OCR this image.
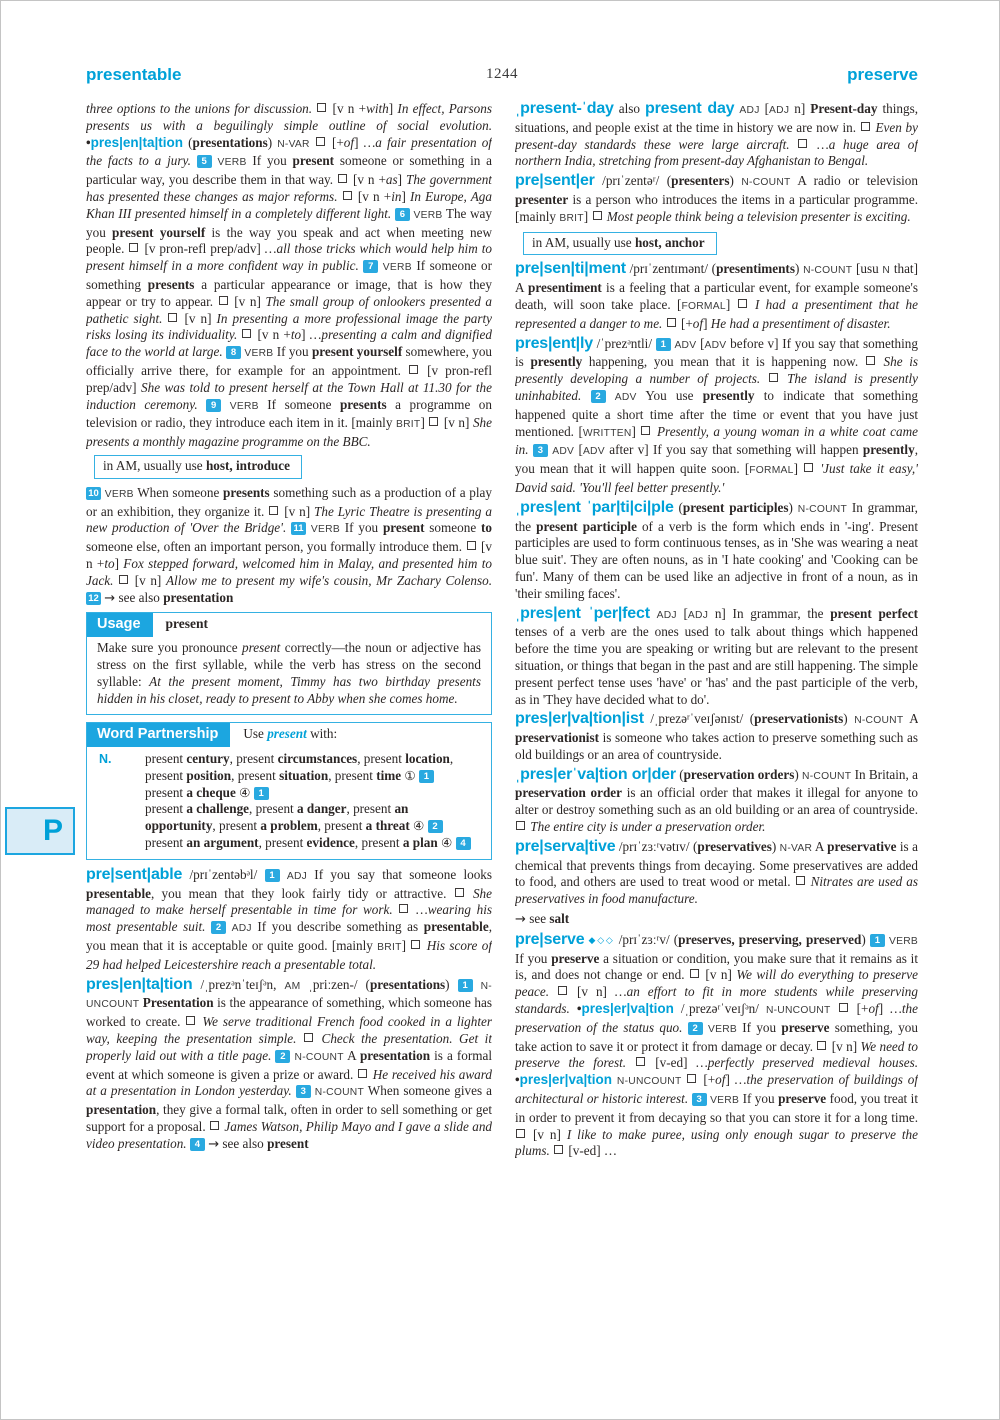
presentable	1244	preserve
P

three options to the unions for discussion.  [v n +with] In effect, Parsons presents us with a beguilingly simple outline of social evolution. •pres|en|ta|tion (presentations) N-VAR  [+of] …a fair presentation of the facts to a jury. 5 VERB If you present someone or something in a particular way, you describe them in that way.  [v n +as] The government has presented these changes as major reforms.  [v n +in] In Europe, Aga Khan III presented himself in a completely different light. 6 VERB The way you present yourself is the way you speak and act when meeting new people.  [v pron-refl prep/adv] …all those tricks which would help him to present himself in a more confident way in public. 7 VERB If someone or something presents a particular appearance or image, that is how they appear or try to appear.  [v n] The small group of onlookers presented a pathetic sight.  [v n] In presenting a more professional image the party risks losing its individuality.  [v n +to] …presenting a calm and dignified face to the world at large. 8 VERB If you present yourself somewhere, you officially arrive there, for example for an appointment.  [v pron-refl prep/adv] She was told to present herself at the Town Hall at 11.30 for the induction ceremony. 9 VERB If someone presents a programme on television or radio, they introduce each item in it. [mainly BRIT]  [v n] She presents a monthly magazine programme on the BBC.

in AM, usually use host, introduce

10 VERB When someone presents something such as a production of a play or an exhibition, they organize it.  [v n] The Lyric Theatre is presenting a new production of 'Over the Bridge'. 11 VERB If you present someone to someone else, often an important person, you formally introduce them.  [v n +to] Fox stepped forward, welcomed him in Malay, and presented him to Jack.  [v n] Allow me to present my wife's cousin, Mr Zachary Colenso. 12 → see also presentation

Usage	present
Make sure you pronounce present correctly—the noun or adjective has stress on the first syllable, while the verb has stress on the second syllable: At the present moment, Timmy has two birthday presents hidden in his closet, ready to present to Abby when she comes home.
Word Partnership	Use present with:
N.	present century, present circumstances, present location, present position, present situation, present time ① 1
present a cheque ④ 1
present a challenge, present a danger, present an opportunity, present a problem, present a threat ④ 2
present an argument, present evidence, present a plan ④ 4

pre|sent|able /prɪˈzentəbᵊl/ 1 ADJ If you say that someone looks presentable, you mean that they look fairly tidy or attractive.  She managed to make herself presentable in time for work.  …wearing his most presentable suit. 2 ADJ If you describe something as presentable, you mean that it is acceptable or quite good. [mainly BRIT]  His score of 29 had helped Leicestershire reach a presentable total.

pres|en|ta|tion /ˌprezᵊnˈteɪʃᵊn, AM ˌpriːzen-/ (presentations) 1 N-UNCOUNT Presentation is the appearance of something, which someone has worked to create.  We serve traditional French food cooked in a lighter way, keeping the presentation simple.  Check the presentation. Get it properly laid out with a title page. 2 N-COUNT A presentation is a formal event at which someone is given a prize or award.  He received his award at a presentation in London yesterday. 3 N-COUNT When someone gives a presentation, they give a formal talk, often in order to sell something or get support for a proposal.  James Watson, Philip Mayo and I gave a slide and video presentation. 4 → see also present

ˌpresent-ˈday also present day ADJ [ADJ n] Present-day things, situations, and people exist at the time in history we are now in.  Even by present-day standards these were large aircraft.  …a huge area of northern India, stretching from present-day Afghanistan to Bengal.

pre|sent|er /prɪˈzentəʳ/ (presenters) N-COUNT A radio or television presenter is a person who introduces the items in a particular programme. [mainly BRIT]  Most people think being a television presenter is exciting.

in AM, usually use host, anchor

pre|sen|ti|ment /prɪˈzentɪmənt/ (presentiments) N-COUNT [usu N that] A presentiment is a feeling that a particular event, for example someone's death, will soon take place. [FORMAL]  I had a presentiment that he represented a danger to me.  [+of] He had a presentiment of disaster.

pres|ent|ly /ˈprezᵊntli/ 1 ADV [ADV before v] If you say that something is presently happening, you mean that it is happening now.  She is presently developing a number of projects.  The island is presently uninhabited. 2 ADV You use presently to indicate that something happened quite a short time after the time or event that you have just mentioned. [WRITTEN]  Presently, a young woman in a white coat came in. 3 ADV [ADV after v] If you say that something will happen presently, you mean that it will happen quite soon. [FORMAL]  'Just take it easy,' David said. 'You'll feel better presently.'

ˌpres|ent ˈpar|ti|ci|ple (present participles) N-COUNT In grammar, the present participle of a verb is the form which ends in '-ing'. Present participles are used to form continuous tenses, as in 'She was wearing a neat blue suit'. They are often nouns, as in 'I hate cooking' and 'Cooking can be fun'. Many of them can be used like an adjective in front of a noun, as in 'their smiling faces'.

ˌpres|ent ˈper|fect ADJ [ADJ n] In grammar, the present perfect tenses of a verb are the ones used to talk about things which happened before the time you are speaking or writing but are relevant to the present situation, or things that began in the past and are still happening. The simple present perfect tense uses 'have' or 'has' and the past participle of the verb, as in 'They have decided what to do'.

pres|er|va|tion|ist /ˌprezəʳˈveɪʃənɪst/ (preservationists) N-COUNT A preservationist is someone who takes action to preserve something such as old buildings or an area of countryside.

ˌpres|erˈva|tion or|der (preservation orders) N-COUNT In Britain, a preservation order is an official order that makes it illegal for anyone to alter or destroy something such as an old building or an area of countryside.  The entire city is under a preservation order.

pre|serva|tive /prɪˈzɜːʳvətɪv/ (preservatives) N-VAR A preservative is a chemical that prevents things from decaying. Some preservatives are added to food, and others are used to treat wood or metal.  Nitrates are used as preservatives in food manufacture.

→ see salt

pre|serve ◆◇◇ /prɪˈzɜːʳv/ (preserves, preserving, preserved) 1 VERB If you preserve a situation or condition, you make sure that it remains as it is, and does not change or end.  [v n] We will do everything to preserve peace.  [v n] …an effort to fit in more students while preserving standards. •pres|er|va|tion /ˌprezəʳˈveɪʃᵊn/ N-UNCOUNT  [+of] …the preservation of the status quo. 2 VERB If you preserve something, you take action to save it or protect it from damage or decay.  [v n] We need to preserve the forest.  [v-ed] …perfectly preserved medieval houses. •pres|er|va|tion N-UNCOUNT  [+of] …the preservation of buildings of architectural or historic interest. 3 VERB If you preserve food, you treat it in order to prevent it from decaying so that you can store it for a long time.  [v n] I like to make puree, using only enough sugar to preserve the plums.  [v-ed] …
